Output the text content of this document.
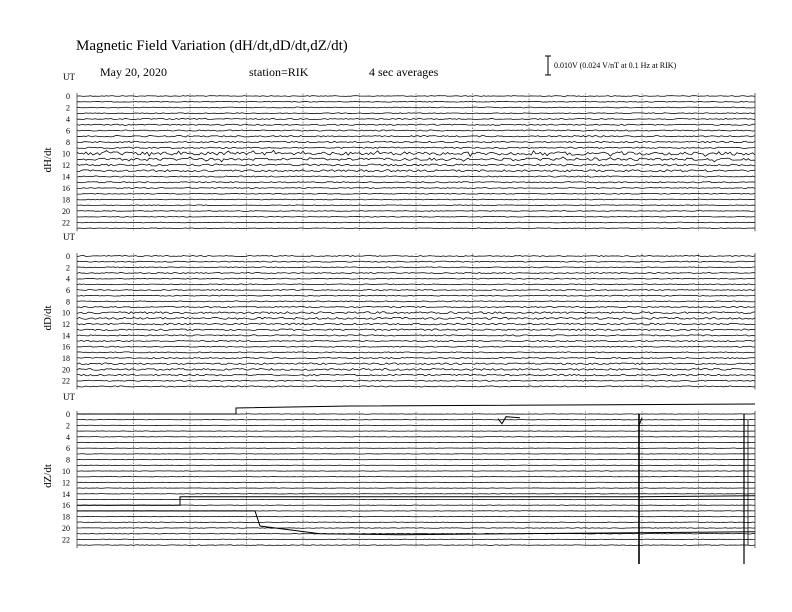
Magnetic Field Variation (dH/dt,dD/dt,dZ/dt)
May 20, 2020	station=RIK	4 sec averages	0.010V (0.024 V/nT at 0.1 Hz at RIK)
UT
dH/dt
0
2
4
6
8
10
12
14
16
18
20
22
UT
dD/dt
0
2
4
6
8
10
12
14
16
18
20
22
UT
dZ/dt
0
2
4
6
8
10
12
14
16
18
20
22
